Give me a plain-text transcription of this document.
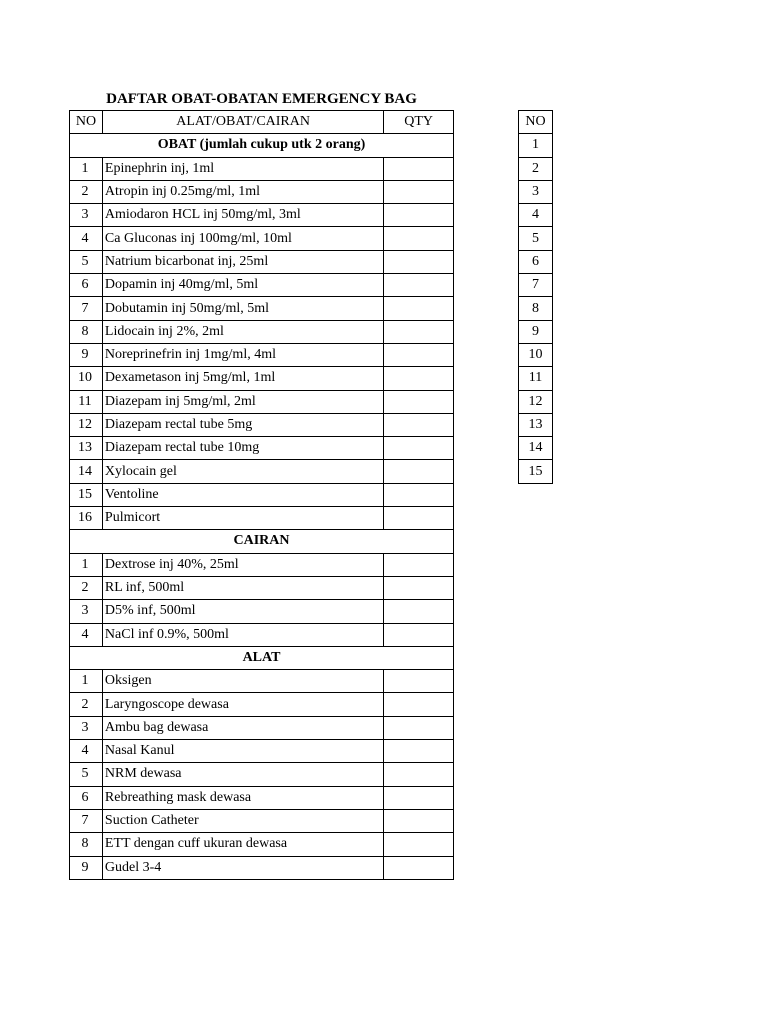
DAFTAR OBAT-OBATAN EMERGENCY BAG
NO	ALAT/OBAT/CAIRAN	QTY
OBAT (jumlah cukup utk 2 orang)		
1	Epinephrin inj, 1ml	
2	Atropin inj 0.25mg/ml, 1ml	
3	Amiodaron HCL inj 50mg/ml, 3ml	
4	Ca Gluconas inj 100mg/ml, 10ml	
5	Natrium bicarbonat inj, 25ml	
6	Dopamin inj 40mg/ml, 5ml	
7	Dobutamin inj 50mg/ml, 5ml	
8	Lidocain inj 2%, 2ml	
9	Noreprinefrin inj 1mg/ml, 4ml	
10	Dexametason inj 5mg/ml, 1ml	
11	Diazepam inj 5mg/ml, 2ml	
12	Diazepam rectal tube 5mg	
13	Diazepam rectal tube 10mg	
14	Xylocain gel	
15	Ventoline	
16	Pulmicort	
CAIRAN		
1	Dextrose inj 40%, 25ml	
2	RL inf, 500ml	
3	D5% inf, 500ml	
4	NaCl inf 0.9%, 500ml	
ALAT		
1	Oksigen	
2	Laryngoscope dewasa	
3	Ambu bag dewasa	
4	Nasal Kanul	
5	NRM dewasa	
6	Rebreathing mask dewasa	
7	Suction Catheter	
8	ETT dengan cuff ukuran dewasa	
9	Gudel 3-4	
NO
1
2
3
4
5
6
7
8
9
10
11
12
13
14
15
